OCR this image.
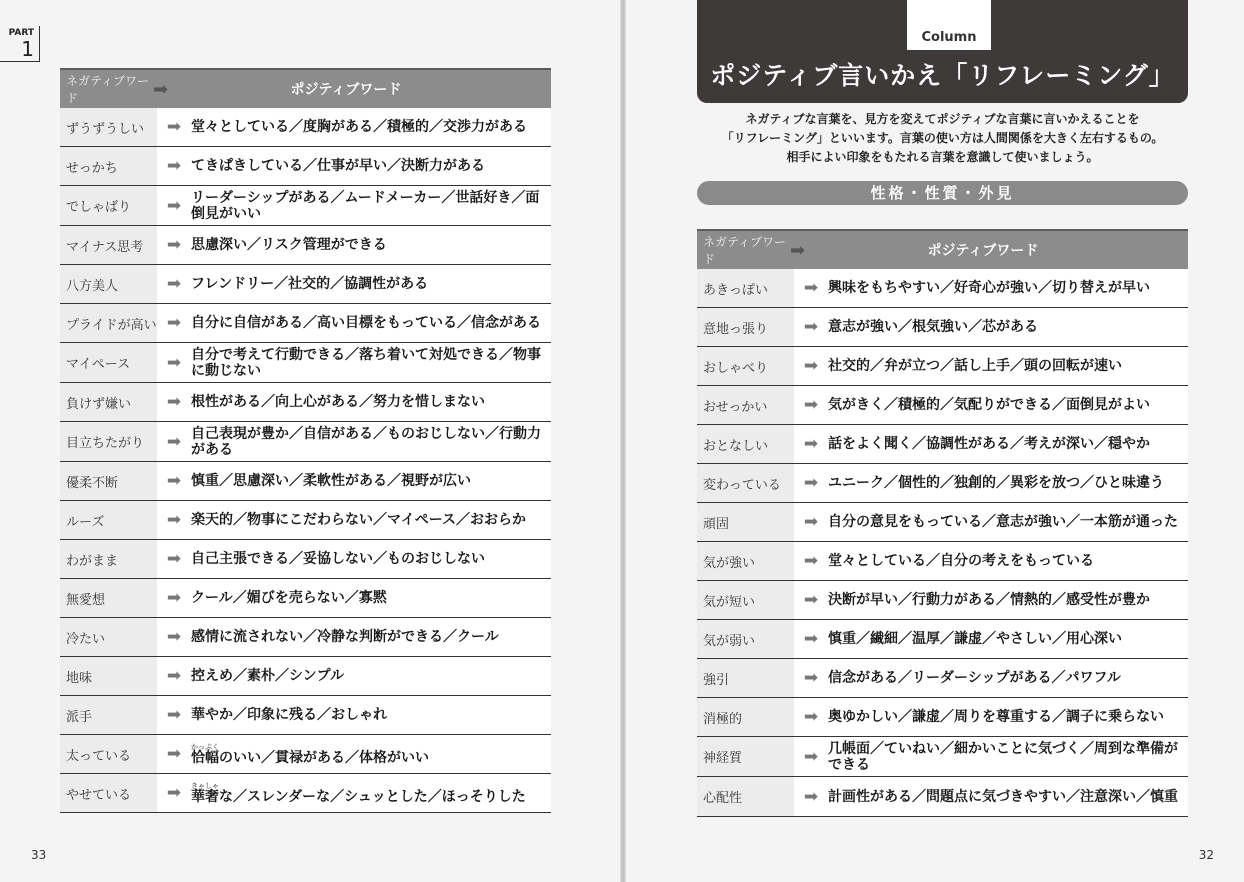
PART
1
33	32
ネガティブワード	➡	ポジティブワード
ずうずうしい	➡ 堂々としている／度胸がある／積極的／交渉力がある
せっかち	➡ てきぱきしている／仕事が早い／決断力がある
でしゃばり	➡ リーダーシップがある／ムードメーカー／世話好き／面倒見がいい
マイナス思考	➡ 思慮深い／リスク管理ができる
八方美人	➡ フレンドリー／社交的／協調性がある
プライドが高い ➡ 自分に自信がある／高い目標をもっている／信念がある
マイペース	➡ 自分で考えて行動できる／落ち着いて対処できる／物事に動じない
負けず嫌い	➡ 根性がある／向上心がある／努力を惜しまない
目立ちたがり	➡ 自己表現が豊か／自信がある／ものおじしない／行動力がある
優柔不断	➡ 慎重／思慮深い／柔軟性がある／視野が広い
ルーズ	➡ 楽天的／物事にこだわらない／マイペース／おおらか
わがまま	➡ 自己主張できる／妥協しない／ものおじしない
無愛想	➡ クール／媚びを売らない／寡黙
冷たい	➡ 感情に流されない／冷静な判断ができる／クール
地味	➡ 控えめ／素朴／シンプル
派手	➡ 華やか／印象に残る／おしゃれ
太っている	➡ 恰幅かっぷくのいい／貫禄がある／体格がいい
やせている	➡ 華奢きゃしゃな／スレンダーな／シュッとした／ほっそりした
Column
ポジティブ言いかえ「リフレーミング」
ネガティブな言葉を、見方を変えてポジティブな言葉に言いかえることを
「リフレーミング」といいます。言葉の使い方は人間関係を大きく左右するもの。
相手によい印象をもたれる言葉を意識して使いましょう。
性格・性質・外見
ネガティブワード	➡	ポジティブワード
あきっぽい	➡ 興味をもちやすい／好奇心が強い／切り替えが早い
意地っ張り	➡ 意志が強い／根気強い／芯がある
おしゃべり	➡ 社交的／弁が立つ／話し上手／頭の回転が速い
おせっかい	➡ 気がきく／積極的／気配りができる／面倒見がよい
おとなしい	➡ 話をよく聞く／協調性がある／考えが深い／穏やか
変わっている	➡ ユニーク／個性的／独創的／異彩を放つ／ひと味違う
頑固	➡ 自分の意見をもっている／意志が強い／一本筋が通った
気が強い	➡ 堂々としている／自分の考えをもっている
気が短い	➡ 決断が早い／行動力がある／情熱的／感受性が豊か
気が弱い	➡ 慎重／繊細／温厚／謙虚／やさしい／用心深い
強引	➡ 信念がある／リーダーシップがある／パワフル
消極的	➡ 奥ゆかしい／謙虚／周りを尊重する／調子に乗らない
神経質	➡ 几帳面／ていねい／細かいことに気づく／周到な準備ができる
心配性	➡ 計画性がある／問題点に気づきやすい／注意深い／慎重
